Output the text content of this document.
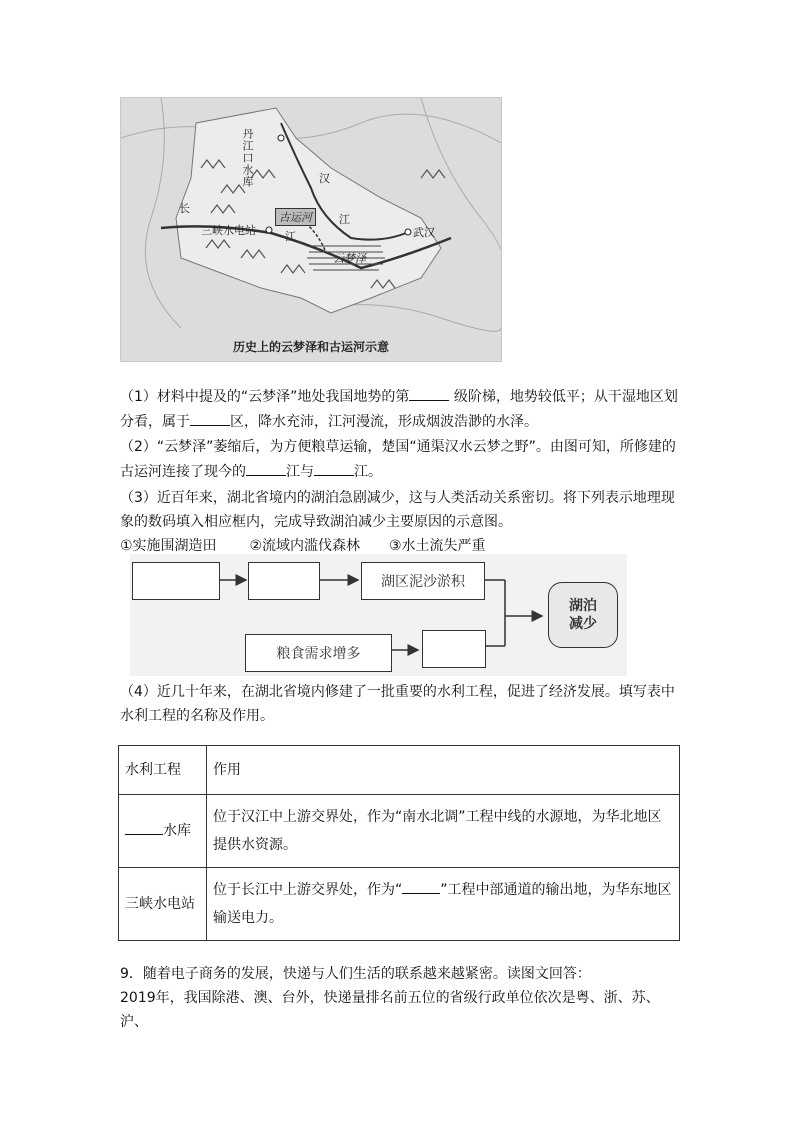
丹江口水库	汉
古运河	江
长
三峡水电站	江	武汉
云梦泽
历史上的云梦泽和古运河示意
（1）材料中提及的“云梦泽”地处我国地势的第	级阶梯，地势较低平；从干湿地区划分看，属于	区，降水充沛，江河漫流，形成烟波浩渺的水泽。
（2）“云梦泽”萎缩后，为方便粮草运输，楚国“通渠汉水云梦之野”。由图可知，所修建的古运河连接了现今的	江与	江。
（3）近百年来，湖北省境内的湖泊急剧减少，这与人类活动关系密切。将下列表示地理现象的数码填入相应框内，完成导致湖泊减少主要原因的示意图。
①实施围湖造田 ②流域内滥伐森林 ③水土流失严重
湖区泥沙淤积
粮食需求增多
湖泊
减少
（4）近几十年来，在湖北省境内修建了一批重要的水利工程，促进了经济发展。填写表中水利工程的名称及作用。
水利工程	作用
水库	位于汉江中上游交界处，作为“南水北调”工程中线的水源地，为华北地区提供水资源。
三峡水电站	位于长江中上游交界处，作为“ ”工程中部通道的输出地，为华东地区输送电力。
9．随着电子商务的发展，快递与人们生活的联系越来越紧密。读图文回答：
2019年，我国除港、澳、台外，快递量排名前五位的省级行政单位依次是粤、浙、苏、沪、
